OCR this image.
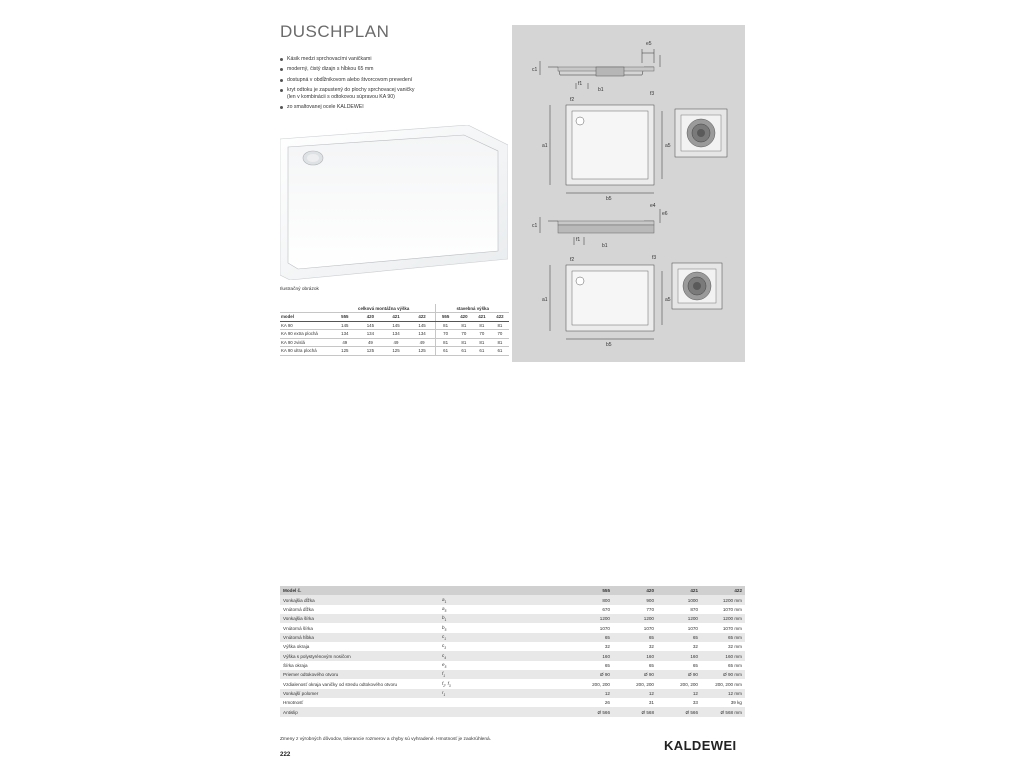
DUSCHPLAN
Kásik medzi sprchovacími vaničkami
moderný, čistý dizajn s hĺbkou 65 mm
dostupná v obdĺžnikovom alebo štvorcovom prevedení
kryt odtoku je zapustený do plochy sprchovacej vaničky
(len v kombinácii s odtokovou súpravou KA 90)
zo smaltovanej ocele KALDEWEI
Ilustračný obrázok
	celková montážna výška				stavebná výška			
model	555	420	421	422	555	420	421	422
KA 90	145	145	145	145	81	81	81	81
KA 90 extra plochá	134	134	134	134	70	70	70	70
KA 90 zvislá	49	49	49	49	81	81	81	81
KA 90 ultra plochá	125	125	125	125	61	61	61	61
e5
c1
f1
f3
b1
f2
a1	a5
b5
e4
e6
c1
f1
b1
f2	f3
a1	a5
b5
Model č.		555	420	421	422
Vonkajšia dĺžka	$a_1$	800	900	1000	1200 mm
Vnútorná dĺžka	$a_5$	670	770	870	1070 mm
Vonkajšia šírka	$b_1$	1200	1200	1200	1200 mm
Vnútorná šírka	$b_5$	1070	1070	1070	1070 mm
Vnútorná hĺbka	$c_1$	65	65	65	65 mm
Výška okraja	$c_3$	32	32	32	32 mm
Výška s polystyrénovým nosičom	$c_4$	160	160	160	160 mm
Šírka okraja	$e_5$	65	65	65	65 mm
Priemer odtokového otvoru	$f_1$	Ø 90	Ø 90	Ø 90	Ø 90 mm
Vzdialenosť okraja vaničky od stredu odtokového otvoru	$f_2$, $f_3$	200, 200	200, 200	200, 200	200, 200 mm
Vonkajší polomer	$r_1$	12	12	12	12 mm
Hmotnosť		26	31	33	39 kg
Antislip		Ø 566	Ø 568	Ø 566	Ø 568 mm
Zmeny z výrobných dôvodov, tolerancie rozmerov a chyby sú vyhradené. Hmotnosť je zaokrúhlená.
222
KALDEWEI
